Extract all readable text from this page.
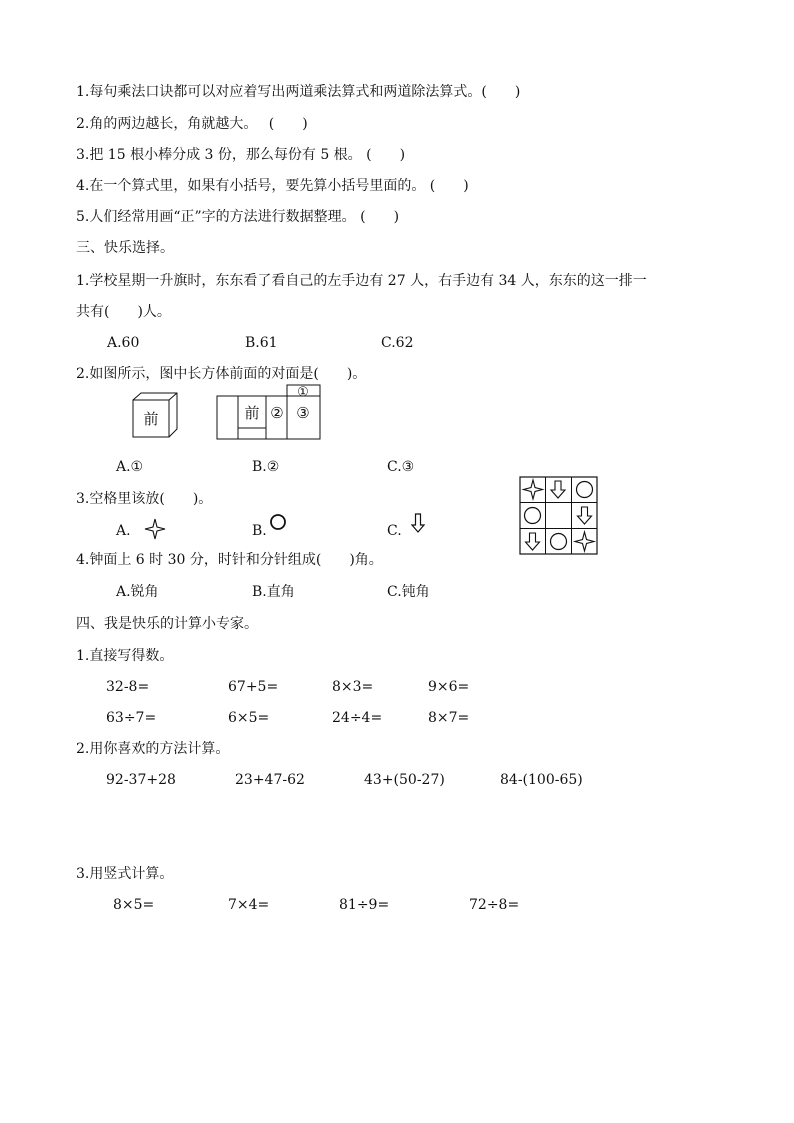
1.每句乘法口诀都可以对应着写出两道乘法算式和两道除法算式。(　　)
2.角的两边越长，角就越大。　 (　　)
3.把 15 根小棒分成 3 份，那么每份有 5 根。 (　　)
4.在一个算式里，如果有小括号，要先算小括号里面的。 (　　)
5.人们经常用画“正”字的方法进行数据整理。 (　　)
三、快乐选择。
1.学校星期一升旗时，东东看了看自己的左手边有 27 人，右手边有 34 人，东东的这一排一
共有(　　)人。
A.60	B.61	C.62
2.如图所示，图中长方体前面的对面是(　　)。
前	前 ② ③
①
A.①	B.②	C.③
3.空格里该放(　　)。
A.	B.	C.
4.钟面上 6 时 30 分，时针和分针组成(　　)角。
A.锐角	B.直角	C.钝角
四、我是快乐的计算小专家。
1.直接写得数。
32-8=	67+5=	8×3=	9×6=
63÷7=	6×5=	24÷4=	8×7=
2.用你喜欢的方法计算。
92-37+28	23+47-62	43+(50-27)	84-(100-65)
3.用竖式计算。
8×5=	7×4=	81÷9=	72÷8=
